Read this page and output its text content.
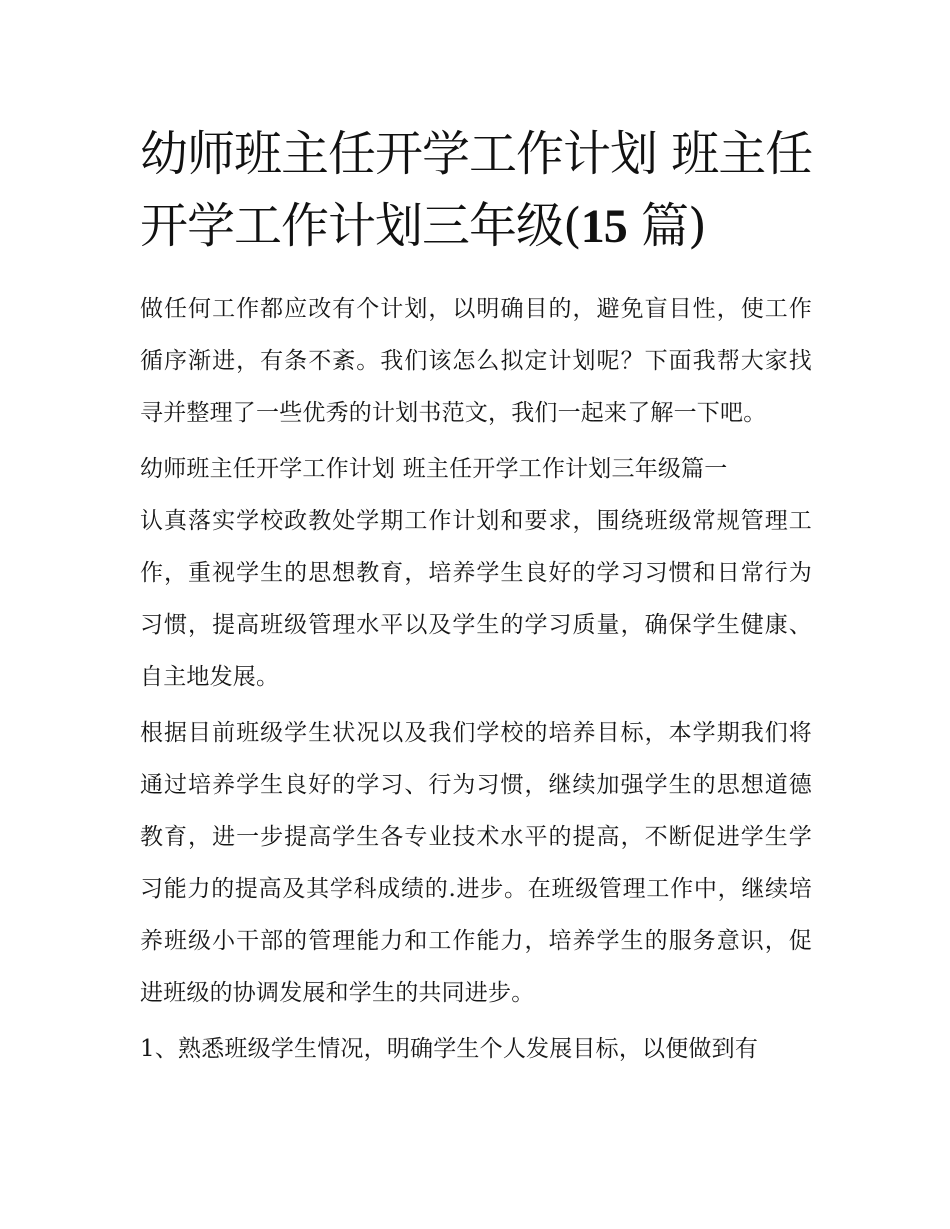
幼师班主任开学工作计划 班主任开学工作计划三年级(15 篇)

做任何工作都应改有个计划，以明确目的，避免盲目性，使工作循序渐进，有条不紊。我们该怎么拟定计划呢？下面我帮大家找寻并整理了一些优秀的计划书范文，我们一起来了解一下吧。

幼师班主任开学工作计划 班主任开学工作计划三年级篇一

认真落实学校政教处学期工作计划和要求，围绕班级常规管理工作，重视学生的思想教育，培养学生良好的学习习惯和日常行为习惯，提高班级管理水平以及学生的学习质量，确保学生健康、自主地发展。

根据目前班级学生状况以及我们学校的培养目标，本学期我们将通过培养学生良好的学习、行为习惯，继续加强学生的思想道德教育，进一步提高学生各专业技术水平的提高，不断促进学生学习能力的提高及其学科成绩的.进步。在班级管理工作中，继续培养班级小干部的管理能力和工作能力，培养学生的服务意识，促进班级的协调发展和学生的共同进步。

1、熟悉班级学生情况，明确学生个人发展目标，以便做到有
